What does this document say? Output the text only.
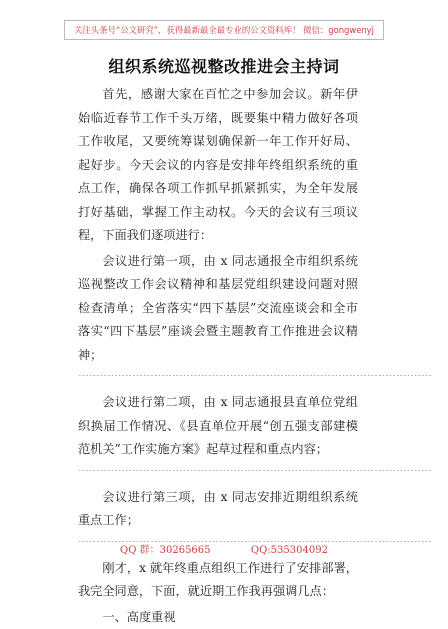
关注头条号“公文研究”，获得最新最全最专业的公文资料库！ 微信：gongwenyj
组织系统巡视整改推进会主持词

首先，感谢大家在百忙之中参加会议。新年伊始临近春节工作千头万绪，既要集中精力做好各项工作收尾，又要统筹谋划确保新一年工作开好局、起好步。今天会议的内容是安排年终组织系统的重点工作，确保各项工作抓早抓紧抓实，为全年发展打好基础，掌握工作主动权。今天的会议有三项议程，下面我们逐项进行：

会议进行第一项，由 x 同志通报全市组织系统巡视整改工作会议精神和基层党组织建设问题对照检查清单；全省落实“四下基层”交流座谈会和全市落实“四下基层”座谈会暨主题教育工作推进会议精神；

--------------------------------------------------------------------------------------------------

会议进行第二项，由 x 同志通报县直单位党组织换届工作情况、《县直单位开展“创五强支部建模范机关”工作实施方案》起草过程和重点内容；

--------------------------------------------------------------------------------------------------

会议进行第三项，由 x 同志安排近期组织系统重点工作；

--------------------------------------------------------------------------------------------------

刚才，x 就年终重点组织工作进行了安排部署，我完全同意，下面，就近期工作我再强调几点：

一、高度重视

QQ 群：30265665	QQ:535304092
